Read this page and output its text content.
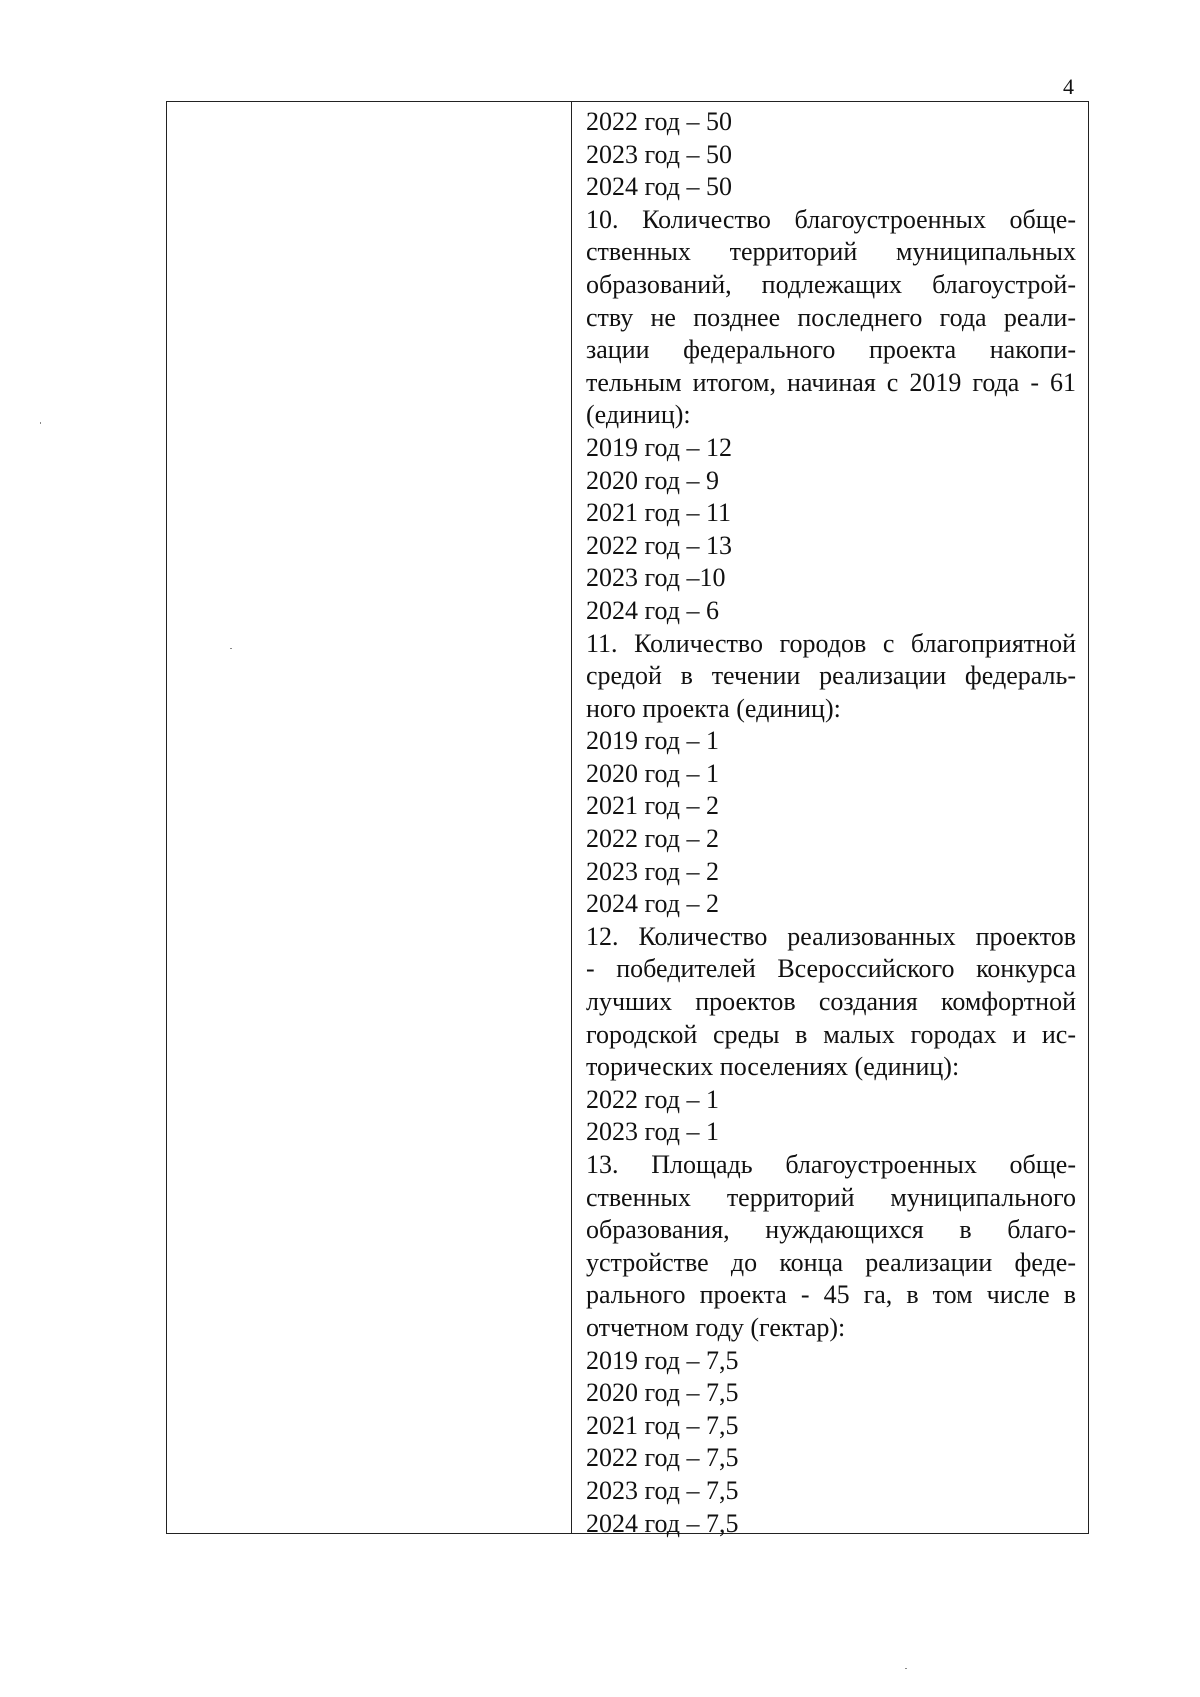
4
2022 год – 50
2023 год – 50
2024 год – 50
10. Количество благоустроенных обще-
ственных территорий муниципальных
образований, подлежащих благоустрой-
ству не позднее последнего года реали-
зации федерального проекта накопи-
тельным итогом, начиная с 2019 года - 61
(единиц):
2019 год – 12
2020 год – 9
2021 год – 11
2022 год – 13
2023 год –10
2024 год – 6
11. Количество городов с благоприятной
средой в течении реализации федераль-
ного проекта (единиц):
2019 год – 1
2020 год – 1
2021 год – 2
2022 год – 2
2023 год – 2
2024 год – 2
12. Количество реализованных проектов
- победителей Всероссийского конкурса
лучших проектов создания комфортной
городской среды в малых городах и ис-
торических поселениях (единиц):
2022 год – 1
2023 год – 1
13. Площадь благоустроенных обще-
ственных территорий муниципального
образования, нуждающихся в благо-
устройстве до конца реализации феде-
рального проекта - 45 га, в том числе в
отчетном году (гектар):
2019 год – 7,5
2020 год – 7,5
2021 год – 7,5
2022 год – 7,5
2023 год – 7,5
2024 год – 7,5
